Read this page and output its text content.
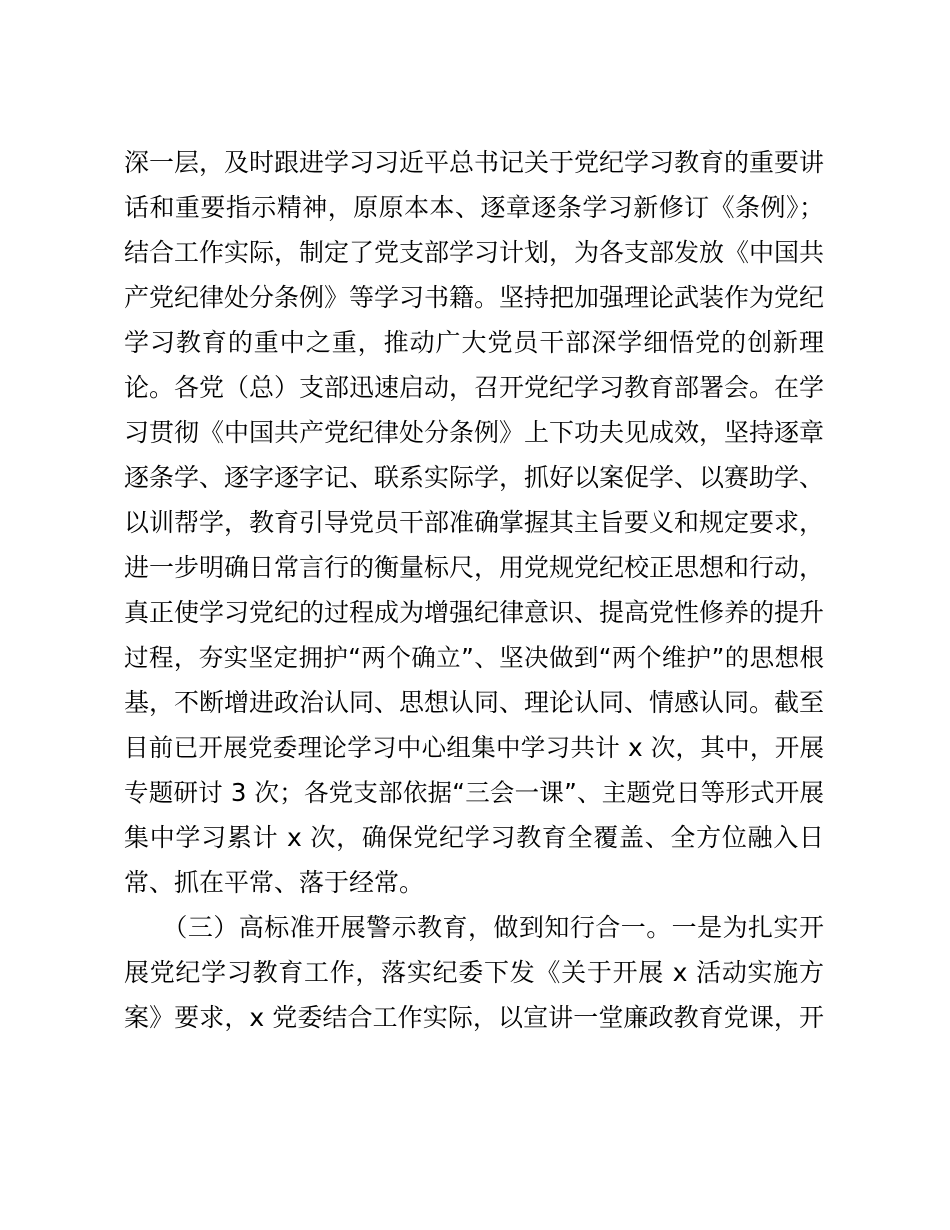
深一层，及时跟进学习习近平总书记关于党纪学习教育的重要讲
话和重要指示精神，原原本本、逐章逐条学习新修订《条例》；
结合工作实际，制定了党支部学习计划，为各支部发放《中国共
产党纪律处分条例》等学习书籍。坚持把加强理论武装作为党纪
学习教育的重中之重，推动广大党员干部深学细悟党的创新理
论。各党（总）支部迅速启动，召开党纪学习教育部署会。在学
习贯彻《中国共产党纪律处分条例》上下功夫见成效，坚持逐章
逐条学、逐字逐字记、联系实际学，抓好以案促学、以赛助学、
以训帮学，教育引导党员干部准确掌握其主旨要义和规定要求，
进一步明确日常言行的衡量标尺，用党规党纪校正思想和行动，
真正使学习党纪的过程成为增强纪律意识、提高党性修养的提升
过程，夯实坚定拥护“两个确立”、坚决做到“两个维护”的思想根
基，不断增进政治认同、思想认同、理论认同、情感认同。截至
目前已开展党委理论学习中心组集中学习共计 x 次，其中，开展
专题研讨 3 次；各党支部依据“三会一课”、主题党日等形式开展
集中学习累计 x 次，确保党纪学习教育全覆盖、全方位融入日
常、抓在平常、落于经常。
　　（三）高标准开展警示教育，做到知行合一。一是为扎实开
展党纪学习教育工作，落实纪委下发《关于开展 x 活动实施方
案》要求，x 党委结合工作实际，以宣讲一堂廉政教育党课，开
